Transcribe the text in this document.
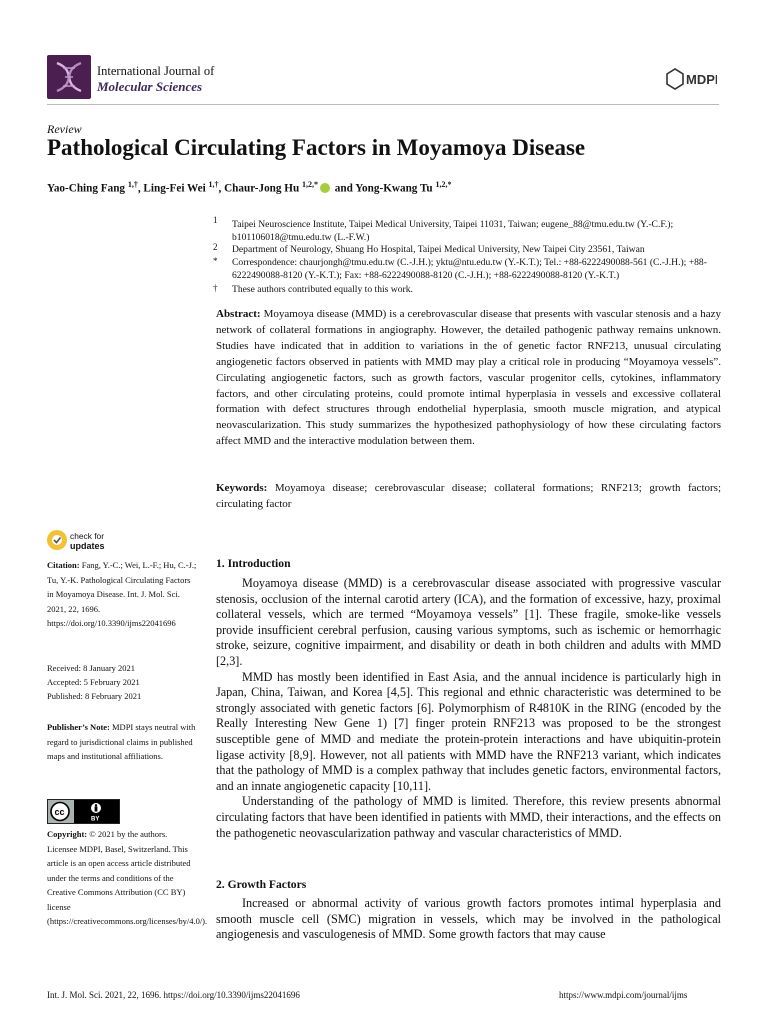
International Journal of
Molecular Sciences	MDPI
Review
Pathological Circulating Factors in Moyamoya Disease
Yao-Ching Fang $^{1,\dagger}$, Ling-Fei Wei $^{1,\dagger}$, Chaur-Jong Hu $^{1,2,*}$ and Yong-Kwang Tu $^{1,2,*}$
1	Taipei Neuroscience Institute, Taipei Medical University, Taipei 11031, Taiwan; eugene_88@tmu.edu.tw (Y.-C.F.); b101106018@tmu.edu.tw (L.-F.W.)
2	Department of Neurology, Shuang Ho Hospital, Taipei Medical University, New Taipei City 23561, Taiwan
*	Correspondence: chaurjongh@tmu.edu.tw (C.-J.H.); yktu@ntu.edu.tw (Y.-K.T.); Tel.: +88-6222490088-561 (C.-J.H.); +88-6222490088-8120 (Y.-K.T.); Fax: +88-6222490088-8120 (C.-J.H.); +88-6222490088-8120 (Y.-K.T.)
†	These authors contributed equally to this work.
Abstract: Moyamoya disease (MMD) is a cerebrovascular disease that presents with vascular stenosis and a hazy network of collateral formations in angiography. However, the detailed pathogenic pathway remains unknown. Studies have indicated that in addition to variations in the of genetic factor RNF213, unusual circulating angiogenetic factors observed in patients with MMD may play a critical role in producing “Moyamoya vessels”. Circulating angiogenetic factors, such as growth factors, vascular progenitor cells, cytokines, inflammatory factors, and other circulating proteins, could promote intimal hyperplasia in vessels and excessive collateral formation with defect structures through endothelial hyperplasia, smooth muscle migration, and atypical neovascularization. This study summarizes the hypothesized pathophysiology of how these circulating factors affect MMD and the interactive modulation between them.
Keywords: Moyamoya disease; cerebrovascular disease; collateral formations; RNF213; growth factors; circulating factor
1. Introduction

Moyamoya disease (MMD) is a cerebrovascular disease associated with progressive vascular stenosis, occlusion of the internal carotid artery (ICA), and the formation of excessive, hazy, proximal collateral vessels, which are termed “Moyamoya vessels” [1]. These fragile, smoke-like vessels provide insufficient cerebral perfusion, causing various symptoms, such as ischemic or hemorrhagic stroke, seizure, cognitive impairment, and disability or death in both children and adults with MMD [2,3].

MMD has mostly been identified in East Asia, and the annual incidence is particularly high in Japan, China, Taiwan, and Korea [4,5]. This regional and ethnic characteristic was determined to be strongly associated with genetic factors [6]. Polymorphism of R4810K in the RING (encoded by the Really Interesting New Gene 1) [7] finger protein RNF213 was proposed to be the strongest susceptible gene of MMD and mediate the protein-protein interactions and have ubiquitin-protein ligase activity [8,9]. However, not all patients with MMD have the RNF213 variant, which indicates that the pathology of MMD is a complex pathway that includes genetic factors, environmental factors, and an innate angiogenetic capacity [10,11].

Understanding of the pathology of MMD is limited. Therefore, this review presents abnormal circulating factors that have been identified in patients with MMD, their interactions, and the effects on the pathogenetic neovascularization pathway and vascular characteristics of MMD.

2. Growth Factors

Increased or abnormal activity of various growth factors promotes intimal hyperplasia and smooth muscle cell (SMC) migration in vessels, which may be involved in the pathological angiogenesis and vasculogenesis of MMD. Some growth factors that may cause

check for
updates
Citation: Fang, Y.-C.; Wei, L.-F.; Hu, C.-J.; Tu, Y.-K. Pathological Circulating Factors in Moyamoya Disease. Int. J. Mol. Sci. 2021, 22, 1696. https://doi.org/10.3390/ijms22041696
Received: 8 January 2021
Accepted: 5 February 2021
Published: 8 February 2021
Publisher’s Note: MDPI stays neutral with regard to jurisdictional claims in published maps and institutional affiliations.
cc
BY
Copyright: © 2021 by the authors. Licensee MDPI, Basel, Switzerland. This article is an open access article distributed under the terms and conditions of the Creative Commons Attribution (CC BY) license (https://creativecommons.org/licenses/by/4.0/).
Int. J. Mol. Sci. 2021, 22, 1696. https://doi.org/10.3390/ijms22041696	https://www.mdpi.com/journal/ijms
